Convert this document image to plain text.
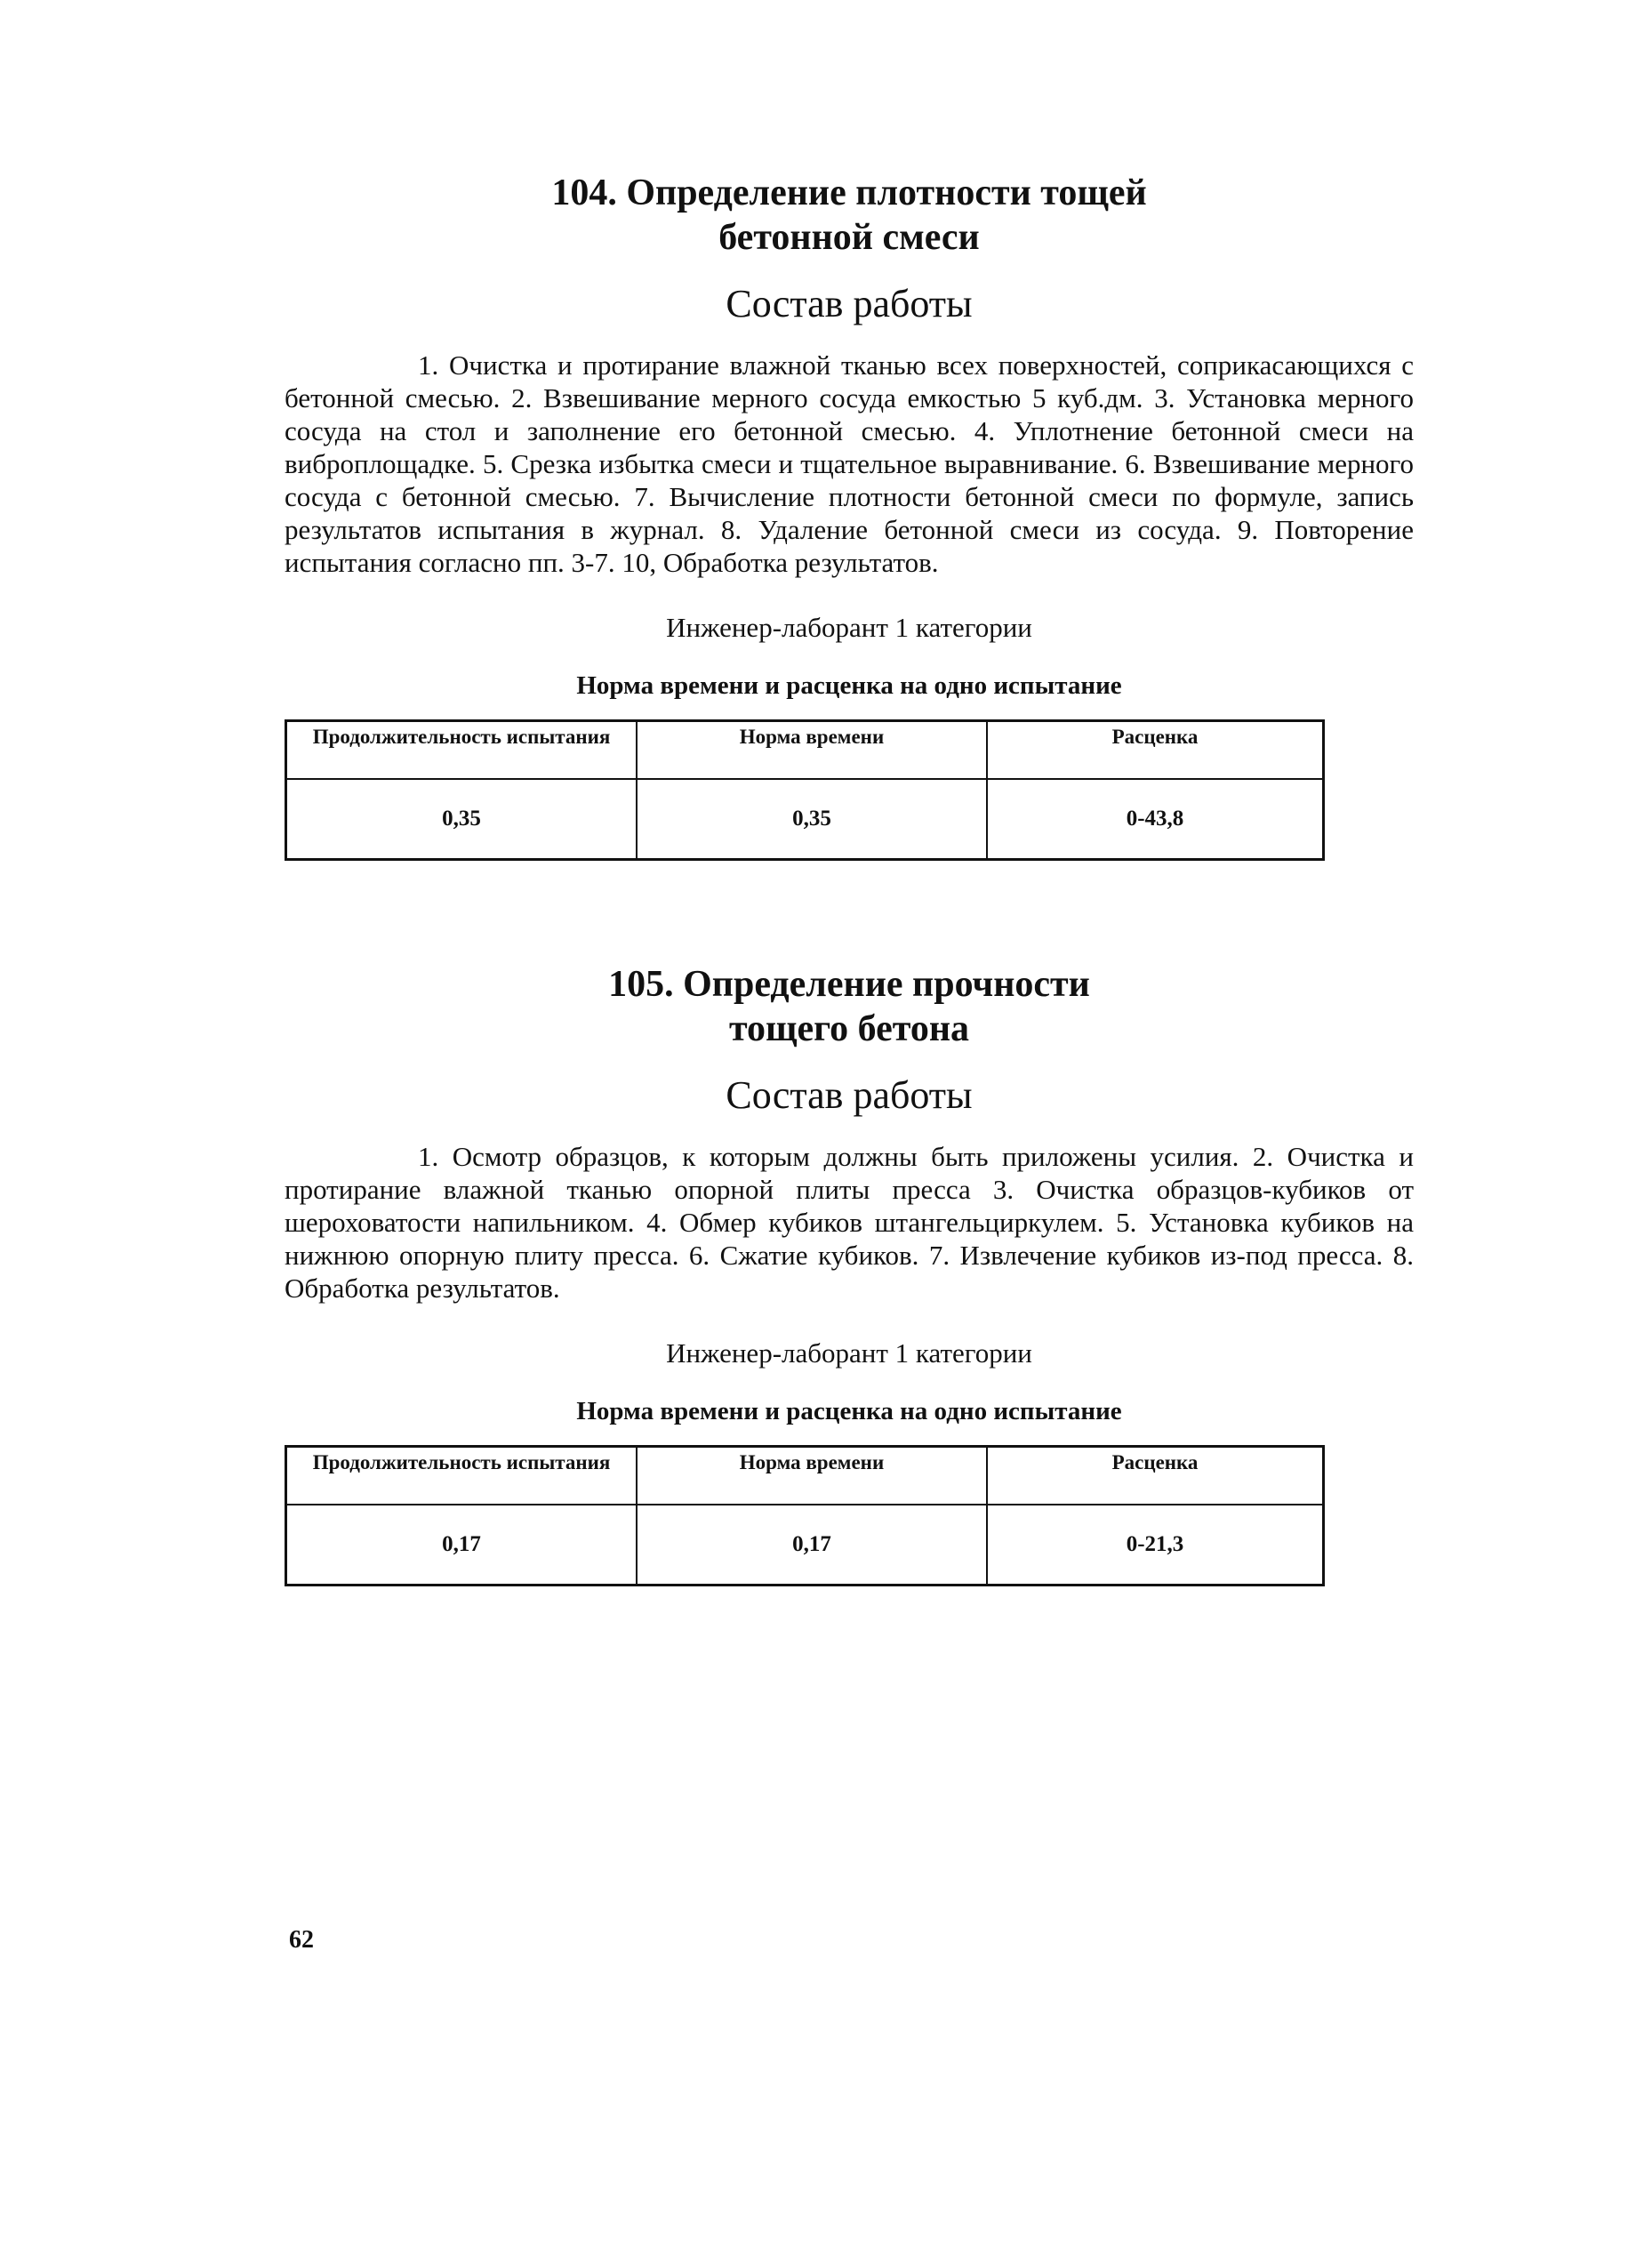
104. Определение плотности тощей

бетонной смеси

Состав работы

1. Очистка и протирание влажной тканью всех поверхностей, соприкасающихся с бетонной смесью. 2. Взвешивание мерного сосуда емкостью 5 куб.дм. 3. Установка мерного сосуда на стол и заполнение его бетонной смесью. 4. Уплотнение бетонной смеси на виброплощадке. 5. Срезка избытка смеси и тщательное выравнивание. 6. Взвешивание мерного сосуда с бетонной смесью. 7. Вычисление плотности бетонной смеси по формуле, запись результатов испытания в журнал. 8. Удаление бетонной смеси из сосуда. 9. Повторение испытания согласно пп. 3-7. 10, Обработка результатов.

Инженер-лаборант 1 категории

Норма времени и расценка на одно испытание

Продолжительность испытания	Норма времени	Расценка
0,35	0,35	0-43,8

105. Определение прочности

тощего бетона

Состав работы

1. Осмотр образцов, к которым должны быть приложены усилия. 2. Очистка и протирание влажной тканью опорной плиты пресса 3. Очистка образцов-кубиков от шероховатости напильником. 4. Обмер кубиков штангельциркулем. 5. Установка кубиков на нижнюю опорную плиту пресса. 6. Сжатие кубиков. 7. Извлечение кубиков из-под пресса. 8. Обработка результатов.

Инженер-лаборант 1 категории

Норма времени и расценка на одно испытание

Продолжительность испытания	Норма времени	Расценка
0,17	0,17	0-21,3
62
